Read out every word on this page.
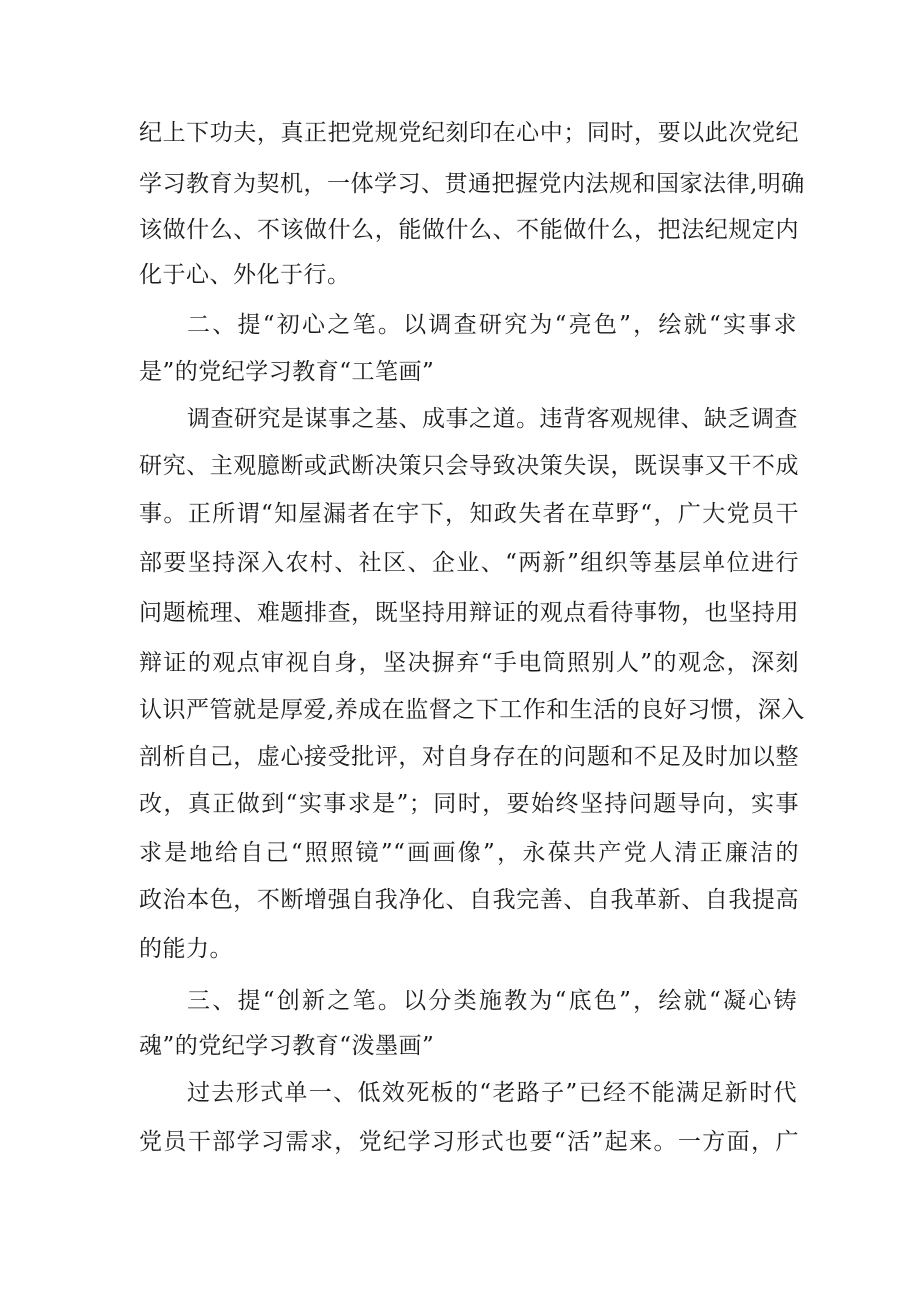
纪上下功夫，真正把党规党纪刻印在心中；同时，要以此次党纪
学习教育为契机，一体学习、贯通把握党内法规和国家法律,明确
该做什么、不该做什么，能做什么、不能做什么，把法纪规定内
化于心、外化于行。
二、提“初心之笔。以调查研究为“亮色”，绘就“实事求
是”的党纪学习教育“工笔画”
调查研究是谋事之基、成事之道。违背客观规律、缺乏调查
研究、主观臆断或武断决策只会导致决策失误，既误事又干不成
事。正所谓“知屋漏者在宇下，知政失者在草野“，广大党员干
部要坚持深入农村、社区、企业、“两新”组织等基层单位进行
问题梳理、难题排查，既坚持用辩证的观点看待事物，也坚持用
辩证的观点审视自身，坚决摒弃“手电筒照别人”的观念，深刻
认识严管就是厚爱,养成在监督之下工作和生活的良好习惯，深入
剖析自己，虚心接受批评，对自身存在的问题和不足及时加以整
改，真正做到“实事求是”；同时，要始终坚持问题导向，实事
求是地给自己“照照镜”“画画像”，永葆共产党人清正廉洁的
政治本色，不断增强自我净化、自我完善、自我革新、自我提高
的能力。
三、提“创新之笔。以分类施教为“底色”，绘就“凝心铸
魂”的党纪学习教育“泼墨画”
过去形式单一、低效死板的“老路子”已经不能满足新时代
党员干部学习需求，党纪学习形式也要“活”起来。一方面，广
